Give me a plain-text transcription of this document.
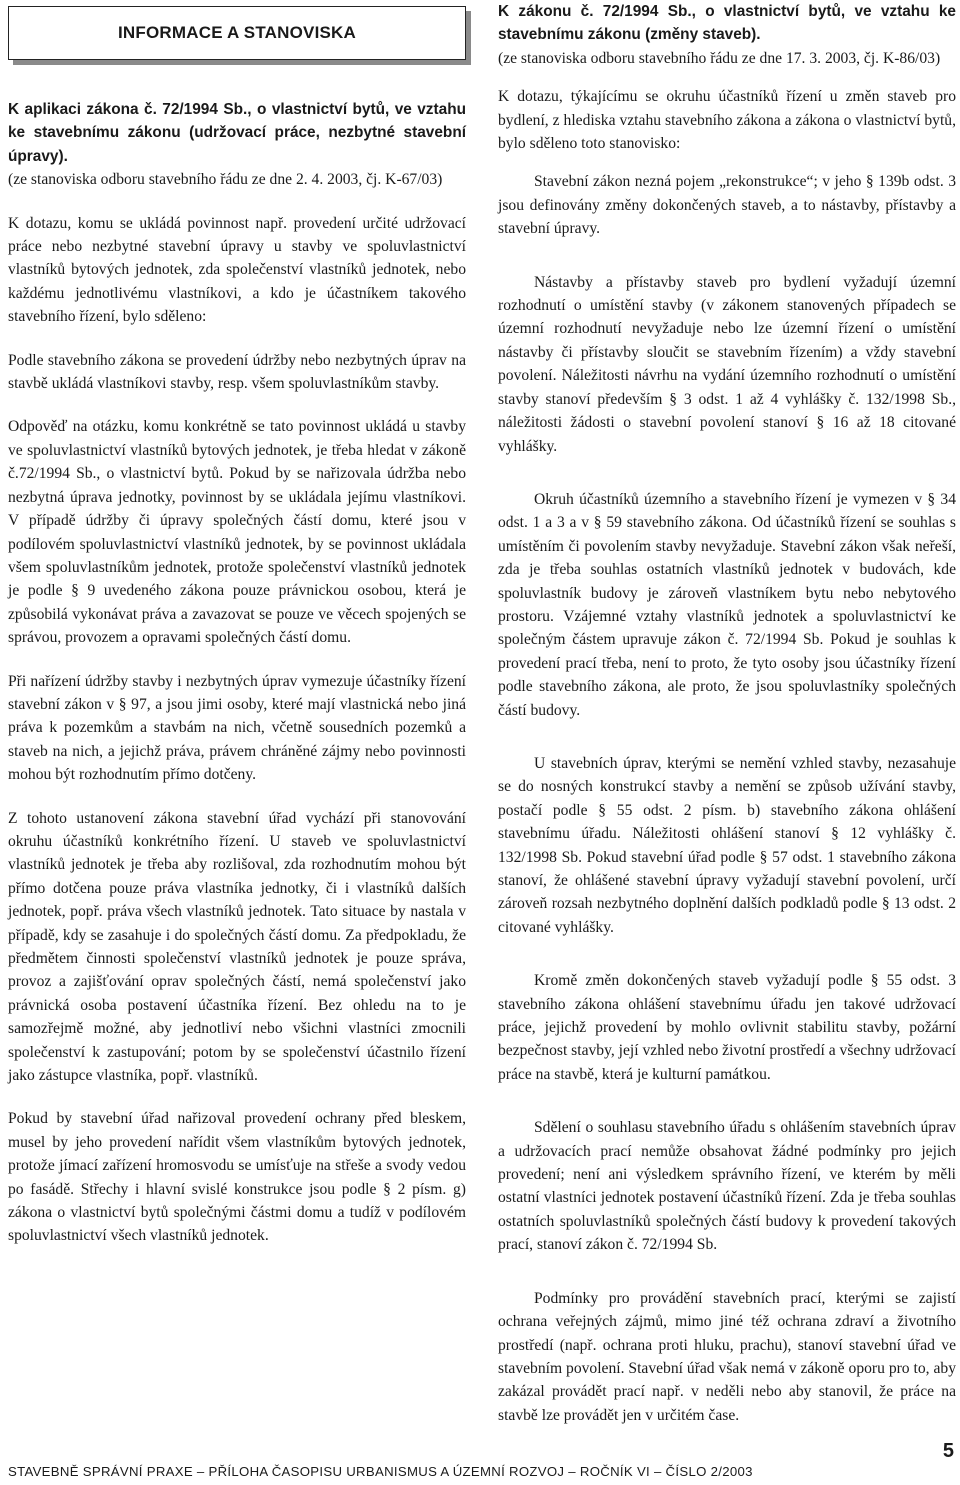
INFORMACE A STANOVISKA

K aplikaci zákona č. 72/1994 Sb., o vlastnictví bytů, ve vztahu ke stavebnímu zákonu (udržovací práce, nezbytné stavební úpravy).

(ze stanoviska odboru stavebního řádu ze dne 2. 4. 2003, čj. K-67/03)

K dotazu, komu se ukládá povinnost např. provedení určité udržovací práce nebo nezbytné stavební úpravy u stavby ve spoluvlastnictví vlastníků bytových jednotek, zda společenství vlastníků jednotek, nebo každému jednotlivému vlastníkovi, a kdo je účastníkem takového stavebního řízení, bylo sděleno:

Podle stavebního zákona se provedení údržby nebo nezbytných úprav na stavbě ukládá vlastníkovi stavby, resp. všem spoluvlastníkům stavby.

Odpověď na otázku, komu konkrétně se tato povinnost ukládá u stavby ve spoluvlastnictví vlastníků bytových jednotek, je třeba hledat v zákoně č.72/1994 Sb., o vlastnictví bytů. Pokud by se nařizovala údržba nebo nezbytná úprava jednotky, povinnost by se ukládala jejímu vlastníkovi. V případě údržby či úpravy společných částí domu, které jsou v podílovém spoluvlastnictví vlastníků jednotek, by se povinnost ukládala všem spoluvlastníkům jednotek, protože společenství vlastníků jednotek je podle § 9 uvedeného zákona pouze právnickou osobou, která je způsobilá vykonávat práva a zavazovat se pouze ve věcech spojených se správou, provozem a opravami společných částí domu.

Při nařízení údržby stavby i nezbytných úprav vymezuje účastníky řízení stavební zákon v § 97, a jsou jimi osoby, které mají vlastnická nebo jiná práva k pozemkům a stavbám na nich, včetně sousedních pozemků a staveb na nich, a jejichž práva, právem chráněné zájmy nebo povinnosti mohou být rozhodnutím přímo dotčeny.

Z tohoto ustanovení zákona stavební úřad vychází při stanovování okruhu účastníků konkrétního řízení. U staveb ve spoluvlastnictví vlastníků jednotek je třeba aby rozlišoval, zda rozhodnutím mohou být přímo dotčena pouze práva vlastníka jednotky, či i vlastníků dalších jednotek, popř. práva všech vlastníků jednotek. Tato situace by nastala v případě, kdy se zasahuje i do společných částí domu. Za předpokladu, že předmětem činnosti společenství vlastníků jednotek je pouze správa, provoz a zajišťování oprav společných částí, nemá společenství jako právnická osoba postavení účastníka řízení. Bez ohledu na to je samozřejmě možné, aby jednotliví nebo všichni vlastníci zmocnili společenství k zastupování; potom by se společenství účastnilo řízení jako zástupce vlastníka, popř. vlastníků.

Pokud by stavební úřad nařizoval provedení ochrany před bleskem, musel by jeho provedení nařídit všem vlastníkům bytových jednotek, protože jímací zařízení hromosvodu se umísťuje na střeše a svody vedou po fasádě. Střechy i hlavní svislé konstrukce jsou podle § 2 písm. g) zákona o vlastnictví bytů společnými částmi domu a tudíž v podílovém spoluvlastnictví všech vlastníků jednotek.

K zákonu č. 72/1994 Sb., o vlastnictví bytů, ve vztahu ke stavebnímu zákonu (změny staveb).

(ze stanoviska odboru stavebního řádu ze dne 17. 3. 2003, čj. K-86/03)

K dotazu, týkajícímu se okruhu účastníků řízení u změn staveb pro bydlení, z hlediska vztahu stavebního zákona a zákona o vlastnictví bytů, bylo sděleno toto stanovisko:

Stavební zákon nezná pojem „rekonstrukce“; v jeho § 139b odst. 3 jsou definovány změny dokončených staveb, a to nástavby, přístavby a stavební úpravy.

Nástavby a přístavby staveb pro bydlení vyžadují územní rozhodnutí o umístění stavby (v zákonem stanovených případech se územní rozhodnutí nevyžaduje nebo lze územní řízení o umístění nástavby či přístavby sloučit se stavebním řízením) a vždy stavební povolení. Náležitosti návrhu na vydání územního rozhodnutí o umístění stavby stanoví především § 3 odst. 1 až 4 vyhlášky č. 132/1998 Sb., náležitosti žádosti o stavební povolení stanoví § 16 až 18 citované vyhlášky.

Okruh účastníků územního a stavebního řízení je vymezen v § 34 odst. 1 a 3 a v § 59 stavebního zákona. Od účastníků řízení se souhlas s umístěním či povolením stavby nevyžaduje. Stavební zákon však neřeší, zda je třeba souhlas ostatních vlastníků jednotek v budovách, kde spoluvlastník budovy je zároveň vlastníkem bytu nebo nebytového prostoru. Vzájemné vztahy vlastníků jednotek a spoluvlastnictví ke společným částem upravuje zákon č. 72/1994 Sb. Pokud je souhlas k provedení prací třeba, není to proto, že tyto osoby jsou účastníky řízení podle stavebního zákona, ale proto, že jsou spoluvlastníky společných částí budovy.

U stavebních úprav, kterými se nemění vzhled stavby, nezasahuje se do nosných konstrukcí stavby a nemění se způsob užívání stavby, postačí podle § 55 odst. 2 písm. b) stavebního zákona ohlášení stavebnímu úřadu. Náležitosti ohlášení stanoví § 12 vyhlášky č. 132/1998 Sb. Pokud stavební úřad podle § 57 odst. 1 stavebního zákona stanoví, že ohlášené stavební úpravy vyžadují stavební povolení, určí zároveň rozsah nezbytného doplnění dalších podkladů podle § 13 odst. 2 citované vyhlášky.

Kromě změn dokončených staveb vyžadují podle § 55 odst. 3 stavebního zákona ohlášení stavebnímu úřadu jen takové udržovací práce, jejichž provedení by mohlo ovlivnit stabilitu stavby, požární bezpečnost stavby, její vzhled nebo životní prostředí a všechny udržovací práce na stavbě, která je kulturní památkou.

Sdělení o souhlasu stavebního úřadu s ohlášením stavebních úprav a udržovacích prací nemůže obsahovat žádné podmínky pro jejich provedení; není ani výsledkem správního řízení, ve kterém by měli ostatní vlastníci jednotek postavení účastníků řízení. Zda je třeba souhlas ostatních spoluvlastníků společných částí budovy k provedení takových prací, stanoví zákon č. 72/1994 Sb.

Podmínky pro provádění stavebních prací, kterými se zajistí ochrana veřejných zájmů, mimo jiné též ochrana zdraví a životního prostředí (např. ochrana proti hluku, prachu), stanoví stavební úřad ve stavebním povolení. Stavební úřad však nemá v zákoně oporu pro to, aby zakázal provádět prací např. v neděli nebo aby stanovil, že práce na stavbě lze provádět jen v určitém čase.

STAVEBNĚ SPRÁVNÍ PRAXE – PŘÍLOHA ČASOPISU URBANISMUS A ÚZEMNÍ ROZVOJ – ROČNÍK VI – ČÍSLO 2/2003
5
